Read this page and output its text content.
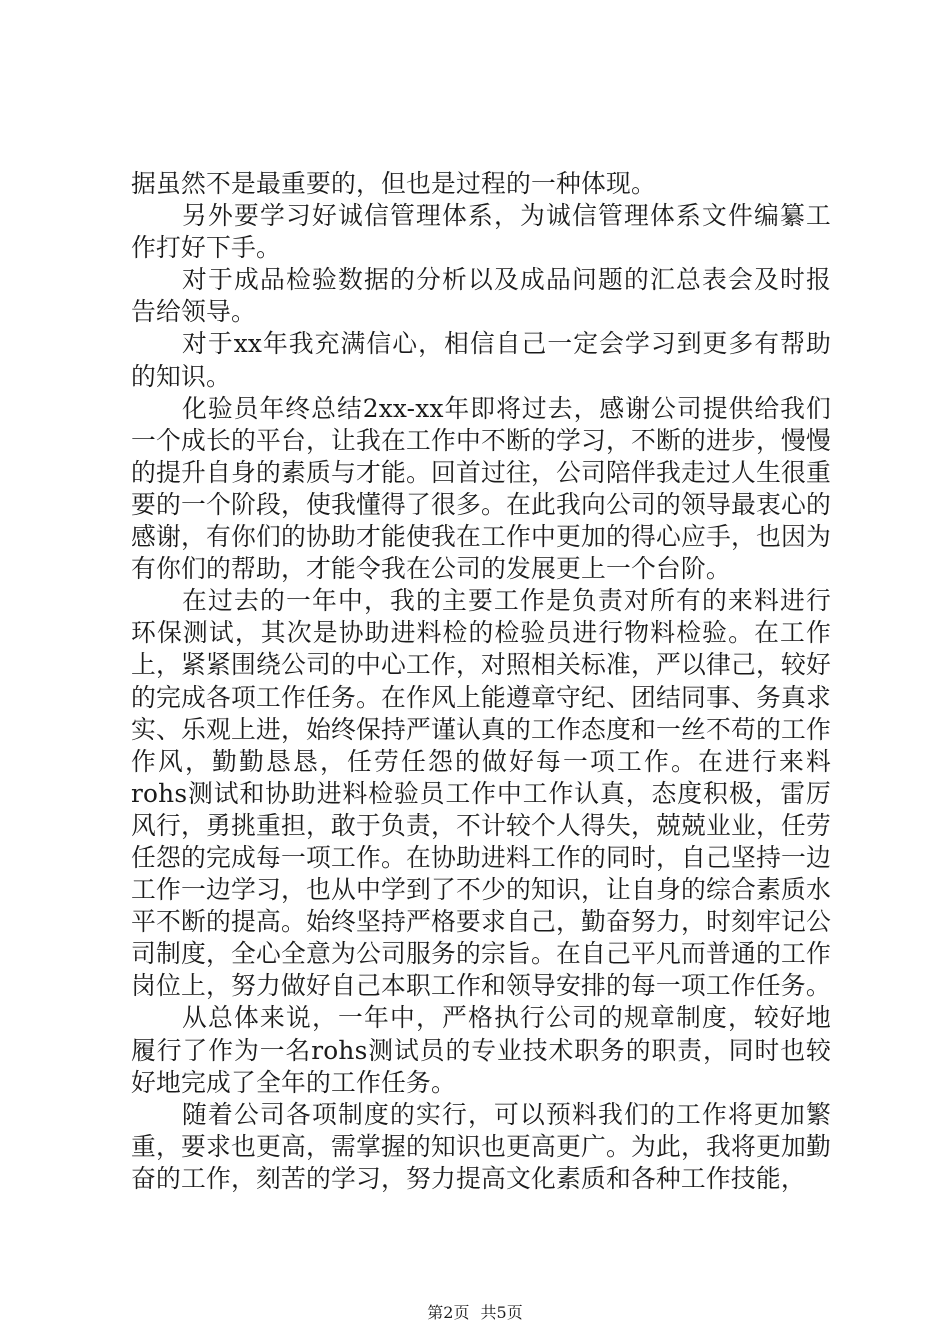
据虽然不是最重要的，但也是过程的一种体现。

另外要学习好诚信管理体系，为诚信管理体系文件编纂工作打好下手。

对于成品检验数据的分析以及成品问题的汇总表会及时报告给领导。

对于xx年我充满信心，相信自己一定会学习到更多有帮助的知识。

化验员年终总结2xx-xx年即将过去，感谢公司提供给我们一个成长的平台，让我在工作中不断的学习，不断的进步，慢慢的提升自身的素质与才能。回首过往，公司陪伴我走过人生很重要的一个阶段，使我懂得了很多。在此我向公司的领导最衷心的感谢，有你们的协助才能使我在工作中更加的得心应手，也因为有你们的帮助，才能令我在公司的发展更上一个台阶。

在过去的一年中，我的主要工作是负责对所有的来料进行环保测试，其次是协助进料检的检验员进行物料检验。在工作上，紧紧围绕公司的中心工作，对照相关标准，严以律己，较好的完成各项工作任务。在作风上能遵章守纪、团结同事、务真求实、乐观上进，始终保持严谨认真的工作态度和一丝不苟的工作作风，勤勤恳恳，任劳任怨的做好每一项工作。在进行来料rohs测试和协助进料检验员工作中工作认真，态度积极，雷厉风行，勇挑重担，敢于负责，不计较个人得失，兢兢业业，任劳任怨的完成每一项工作。在协助进料工作的同时，自己坚持一边工作一边学习，也从中学到了不少的知识，让自身的综合素质水平不断的提高。始终坚持严格要求自己，勤奋努力，时刻牢记公司制度，全心全意为公司服务的宗旨。在自己平凡而普通的工作岗位上，努力做好自己本职工作和领导安排的每一项工作任务。

从总体来说，一年中，严格执行公司的规章制度，较好地履行了作为一名rohs测试员的专业技术职务的职责，同时也较好地完成了全年的工作任务。

随着公司各项制度的实行，可以预料我们的工作将更加繁重，要求也更高，需掌握的知识也更高更广。为此，我将更加勤奋的工作，刻苦的学习，努力提高文化素质和各种工作技能，

第2页 共5页
